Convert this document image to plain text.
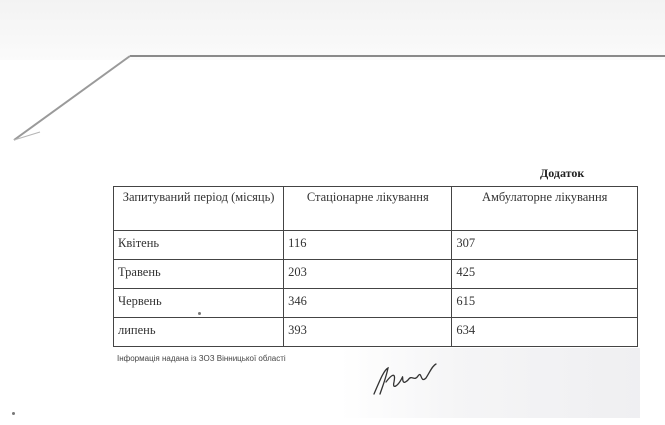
Додаток
Запитуваний період (місяць)	Стаціонарне лікування	Амбулаторне лікування
Квітень	116	307
Травень	203	425
Червень	346	615
липень	393	634
Інформація надана із ЗОЗ Вінницької області
